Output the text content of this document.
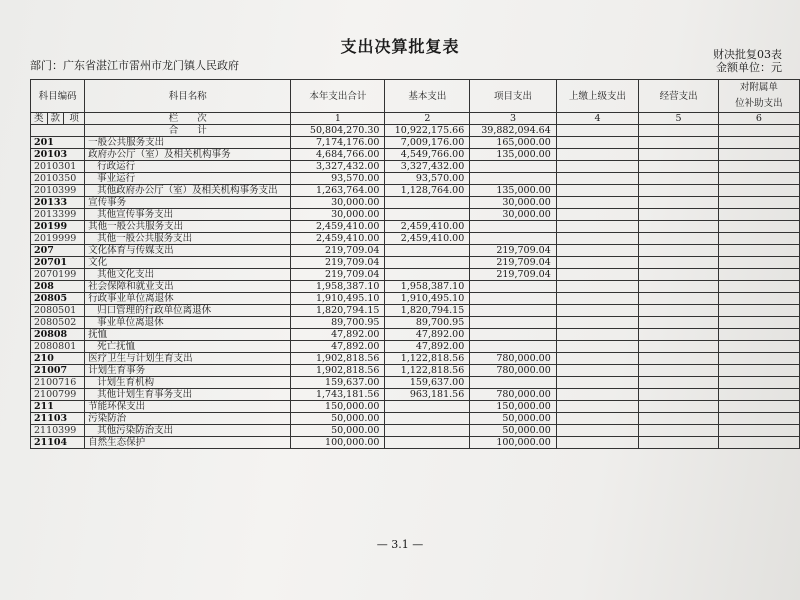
支出决算批复表
部门：广东省湛江市雷州市龙门镇人民政府
财决批复03表
金额单位：元
科目编码			科目名称	本年支出合计	基本支出	项目支出	上缴上级支出	经营支出	对附属单
位补助支出

类	款	项	栏　　次	1	2	3	4	5	6
			合　　计	50,804,270.30	10,922,175.66	39,882,094.64			
201			一般公共服务支出	7,174,176.00	7,009,176.00	165,000.00			
20103			政府办公厅（室）及相关机构事务	4,684,766.00	4,549,766.00	135,000.00			
2010301			行政运行	3,327,432.00	3,327,432.00				
2010350			事业运行	93,570.00	93,570.00				
2010399			其他政府办公厅（室）及相关机构事务支出	1,263,764.00	1,128,764.00	135,000.00			
20133			宣传事务	30,000.00		30,000.00			
2013399			其他宣传事务支出	30,000.00		30,000.00			
20199			其他一般公共服务支出	2,459,410.00	2,459,410.00				
2019999			其他一般公共服务支出	2,459,410.00	2,459,410.00				
207			文化体育与传媒支出	219,709.04		219,709.04			
20701			文化	219,709.04		219,709.04			
2070199			其他文化支出	219,709.04		219,709.04			
208			社会保障和就业支出	1,958,387.10	1,958,387.10				
20805			行政事业单位离退休	1,910,495.10	1,910,495.10				
2080501			归口管理的行政单位离退休	1,820,794.15	1,820,794.15				
2080502			事业单位离退休	89,700.95	89,700.95				
20808			抚恤	47,892.00	47,892.00				
2080801			死亡抚恤	47,892.00	47,892.00				
210			医疗卫生与计划生育支出	1,902,818.56	1,122,818.56	780,000.00			
21007			计划生育事务	1,902,818.56	1,122,818.56	780,000.00			
2100716			计划生育机构	159,637.00	159,637.00				
2100799			其他计划生育事务支出	1,743,181.56	963,181.56	780,000.00			
211			节能环保支出	150,000.00		150,000.00			
21103			污染防治	50,000.00		50,000.00			
2110399			其他污染防治支出	50,000.00		50,000.00			
21104			自然生态保护	100,000.00		100,000.00			
— 3.1 —
